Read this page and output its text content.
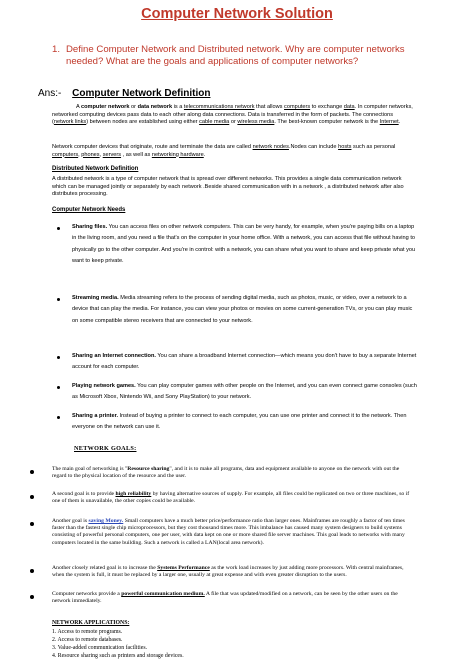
Computer Network Solution
1. Define Computer Network and Distributed network. Why are computer networks needed? What are the goals and applications of computer networks?
Ans:- Computer Network Definition
A computer network or data network is a telecommunications network that allows computers to exchange data. In computer networks, networked computing devices pass data to each other along data connections. Data is transferred in the form of packets. The connections (network links) between nodes are established using either cable media or wireless media. The best-known computer network is the Internet.
Network computer devices that originate, route and terminate the data are called network nodes.Nodes can include hosts such as personal computers, phones, servers , as well as networking hardware.
Distributed Network Definition
A distributed network is a type of computer network that is spread over different networks. This provides a single data communication network which can be managed jointly or separately by each network .Beside shared communication with in a network , a distributed network after also distributes processing.
Computer Network Needs
Sharing files. You can access files on other network computers. This can be very handy, for example, when you're paying bills on a laptop in the living room, and you need a file that's on the computer in your home office. With a network, you can access that file without having to physically go to the other computer. And you're in control: with a network, you can share what you want to share and keep private what you want to keep private.
Streaming media. Media streaming refers to the process of sending digital media, such as photos, music, or video, over a network to a device that can play the media. For instance, you can view your photos or movies on some current-generation TVs, or you can play music on some compatible stereo receivers that are connected to your network.
Sharing an Internet connection. You can share a broadband Internet connection—which means you don't have to buy a separate Internet account for each computer.
Playing network games. You can play computer games with other people on the Internet, and you can even connect game consoles (such as Microsoft Xbox, Nintendo Wii, and Sony PlayStation) to your network.
Sharing a printer. Instead of buying a printer to connect to each computer, you can use one printer and connect it to the network. Then everyone on the network can use it.
NETWORK GOALS:
The main goal of networking is "Resource sharing", and it is to make all programs, data and equipment available to anyone on the network with out the regard to the physical location of the resource and the user.
A second goal is to provide high reliability by having alternative sources of supply. For example, all files could be replicated on two or three machines, so if one of them is unavailable, the other copies could be available.
Another goal is saving Money. Small computers have a much better price/performance ratio than larger ones. Mainframes are roughly a factor of ten times faster than the fastest single chip microprocessors, but they cost thousand times more. This imbalance has caused many system designers to build systems consisting of powerful personal computers, one per user, with data kept on one or more shared file server machines. This goal leads to networks with many computers located in the same building. Such a network is called a LAN(local area network).
Another closely related goal is to increase the Systems Performance as the work load increases by just adding more processors. With central mainframes, when the system is full, it must be replaced by a larger one, usually at great expense and with even greater disruption to the users.
Computer networks provide a powerful communication medium. A file that was updated/modified on a network, can be seen by the other users on the network immediately.
NETWORK APPLICATIONS:
1. Access to remote programs.
2. Access to remote databases.
3. Value-added communication facilities.
4. Resource sharing such as printers and storage devices.
